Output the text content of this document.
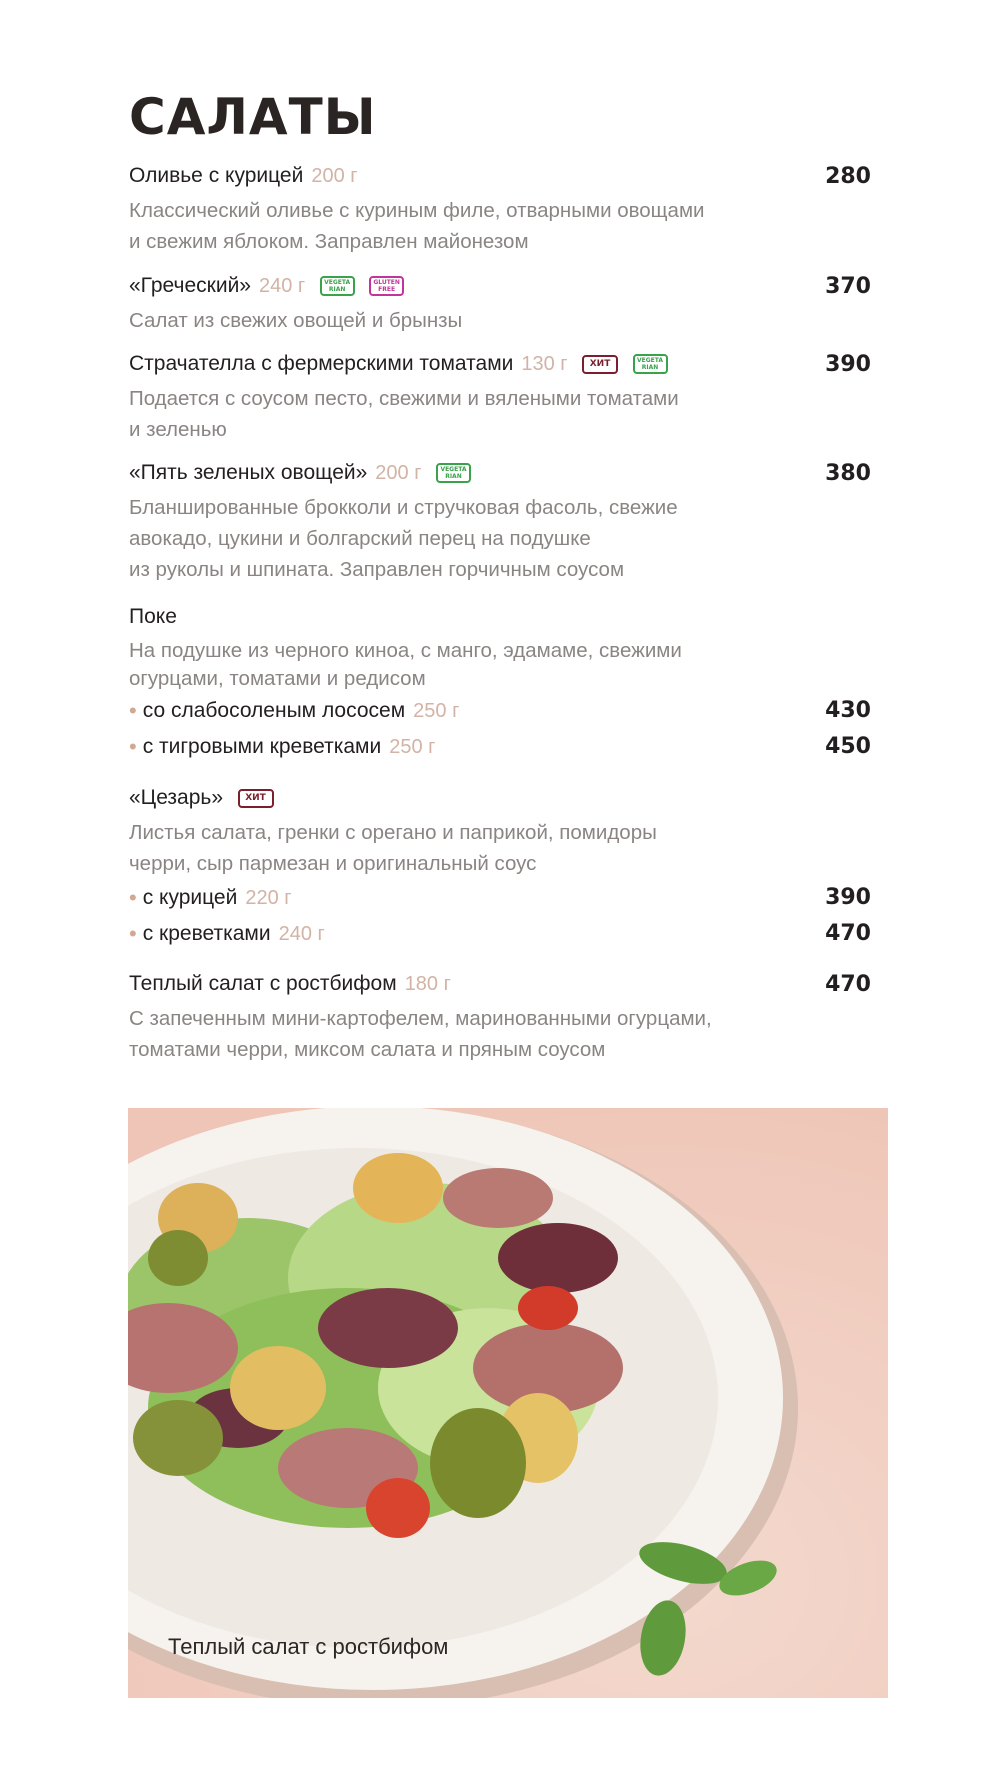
САЛАТЫ
Оливье с курицей 200 г	280

Классический оливье с куриным филе, отварными овощами
и свежим яблоком. Заправлен майонезом

«Греческий» 240 г	VEGETA RIAN GLUTEN FREE	370

Салат из свежих овощей и брынзы

Страчателла с фермерскими томатами 130 г ХИТ	VEGETA RIAN	390

Подается с соусом песто, свежими и вялеными томатами
и зеленью

«Пять зеленых овощей» 200 г	VEGETA RIAN	380

Бланшированные брокколи и стручковая фасоль, свежие
авокадо, цукини и болгарский перец на подушке
из руколы и шпината. Заправлен горчичным соусом

Поке

На подушке из черного киноа, с манго, эдамаме, свежими
огурцами, томатами и редисом

• со слабосоленым лососем 250 г	430
• с тигровыми креветками 250 г	450
«Цезарь» ХИТ

Листья салата, гренки с орегано и паприкой, помидоры
черри, сыр пармезан и оригинальный соус

• с курицей 220 г	390
• с креветками 240 г	470
Теплый салат с ростбифом 180 г	470

С запеченным мини-картофелем, маринованными огурцами,
томатами черри, миксом салата и пряным соусом

Теплый салат с ростбифом
